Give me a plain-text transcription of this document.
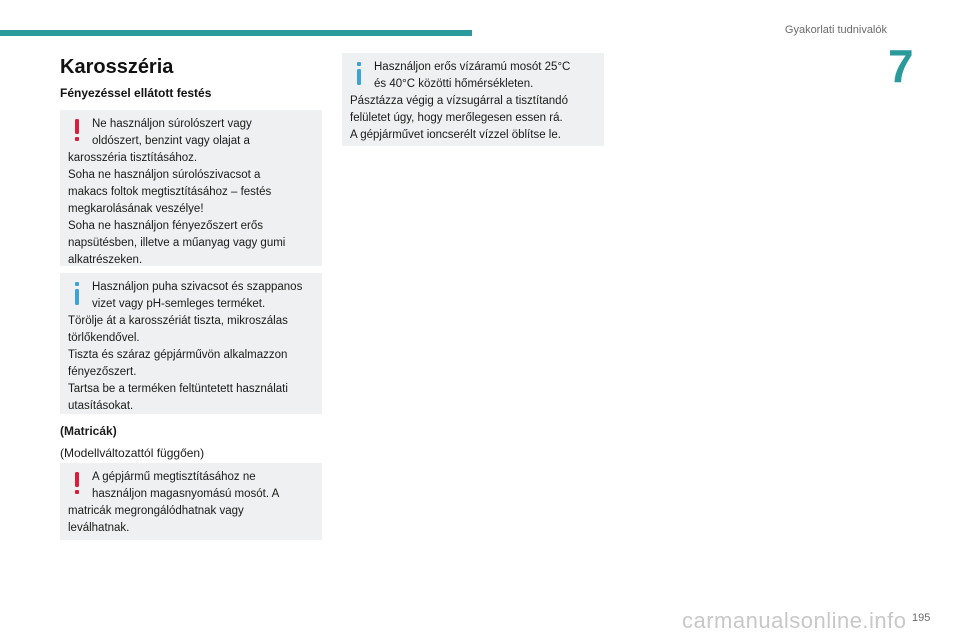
Gyakorlati tudnivalók
7
Karosszéria
Fényezéssel ellátott festés

Ne használjon súrolószert vagy

oldószert, benzint vagy olajat a

karosszéria tisztításához.

Soha ne használjon súrolószivacsot a

makacs foltok megtisztításához – festés

megkarolásának veszélye!

Soha ne használjon fényezőszert erős

napsütésben, illetve a műanyag vagy gumi

alkatrészeken.

Használjon puha szivacsot és szappanos

vizet vagy pH-semleges terméket.

Törölje át a karosszériát tiszta, mikroszálas

törlőkendővel.

Tiszta és száraz gépjárművön alkalmazzon

fényezőszert.

Tartsa be a terméken feltüntetett használati

utasításokat.

(Matricák)
(Modellváltozattól függően)

A gépjármű megtisztításához ne

használjon magasnyomású mosót. A

matricák megrongálódhatnak vagy

leválhatnak.

Használjon erős vízáramú mosót 25°C

és 40°C közötti hőmérsékleten.

Pásztázza végig a vízsugárral a tisztítandó

felületet úgy, hogy merőlegesen essen rá.

A gépjárművet ioncserélt vízzel öblítse le.

195
carmanualsonline.info
